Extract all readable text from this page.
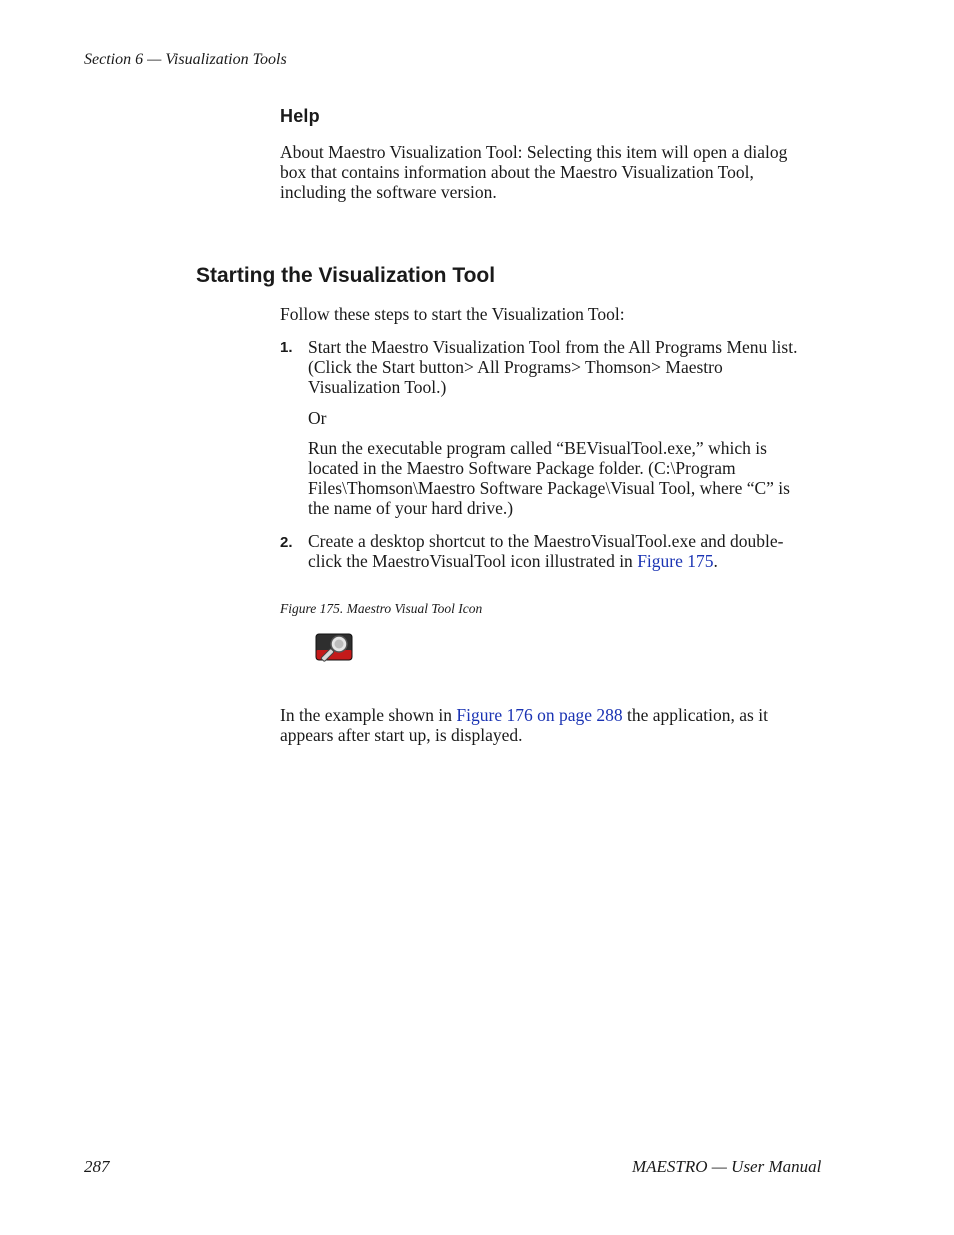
Section 6 — Visualization Tools
Help
About Maestro Visualization Tool: Selecting this item will open a dialog
box that contains information about the Maestro Visualization Tool,
including the software version.
Starting the Visualization Tool
Follow these steps to start the Visualization Tool:
1. Start the Maestro Visualization Tool from the All Programs Menu list.
(Click the Start button> All Programs> Thomson> Maestro
Visualization Tool.)
Or
Run the executable program called “BEVisualTool.exe,” which is
located in the Maestro Software Package folder. (C:\Program
Files\Thomson\Maestro Software Package\Visual Tool, where “C” is
the name of your hard drive.)
2. Create a desktop shortcut to the MaestroVisualTool.exe and double-
click the MaestroVisualTool icon illustrated in Figure 175.
Figure 175. Maestro Visual Tool Icon
In the example shown in Figure 176 on page 288 the application, as it
appears after start up, is displayed.
287	MAESTRO — User Manual
